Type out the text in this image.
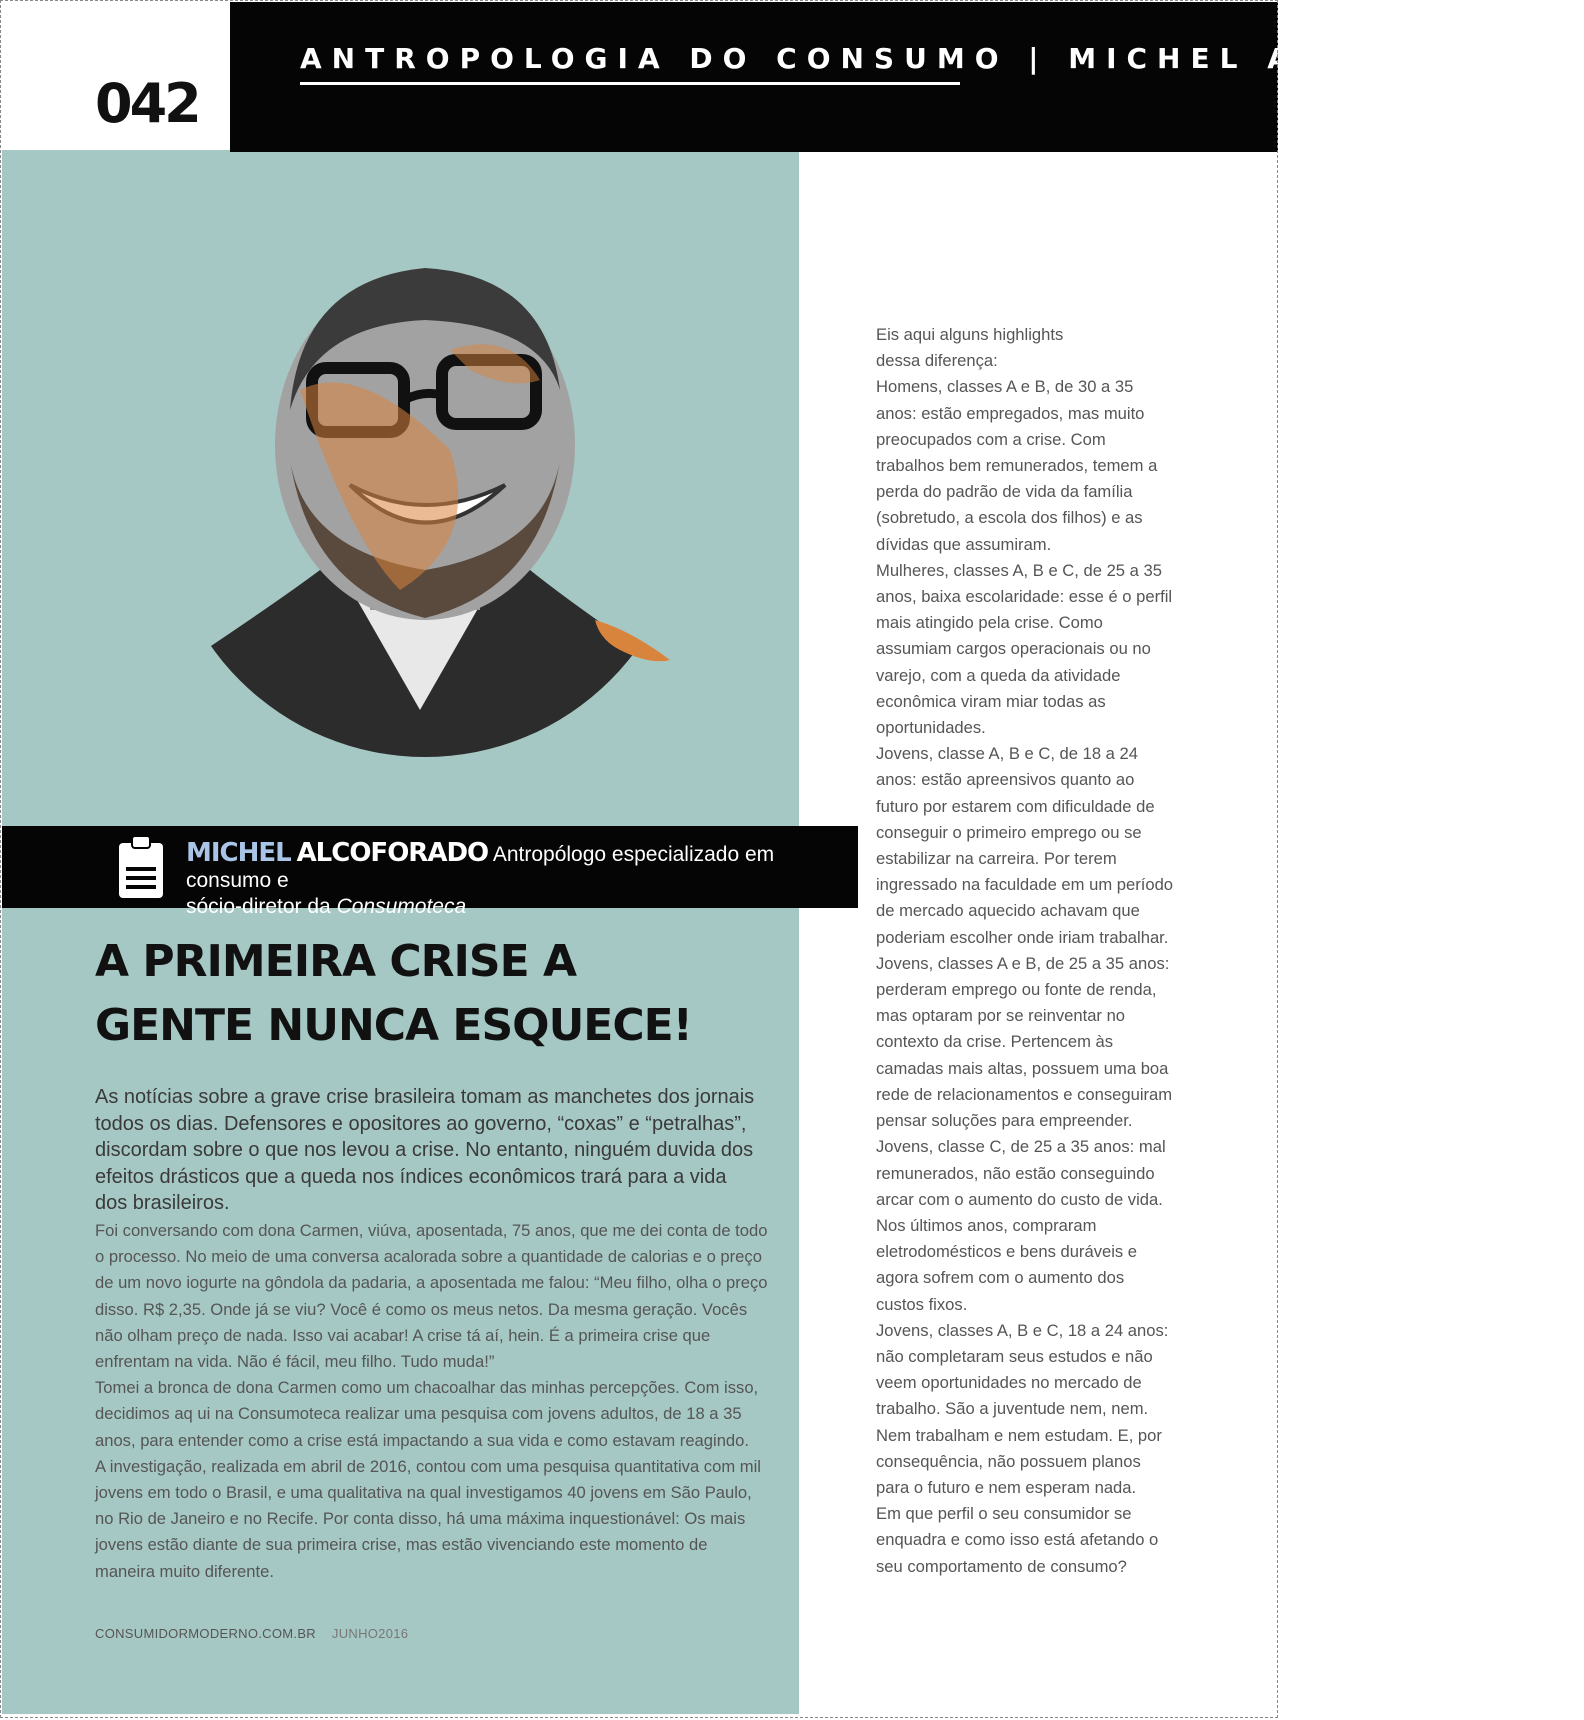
ANTROPOLOGIA DO CONSUMO | MICHEL ALCOFORADO
042
MICHEL ALCOFORADO Antropólogo especializado em consumo e
sócio-diretor da Consumoteca
A PRIMEIRA CRISE A GENTE NUNCA ESQUECE!

As notícias sobre a grave crise brasileira tomam as manchetes dos jornais todos os dias. Defensores e opositores ao governo, “coxas” e “petralhas”, discordam sobre o que nos levou a crise. No entanto, ninguém duvida dos efeitos drásticos que a queda nos índices econômicos trará para a vida dos brasileiros.

Foi conversando com dona Carmen, viúva, aposentada, 75 anos, que me dei conta de todo o processo. No meio de uma conversa acalorada sobre a quantidade de calorias e o preço de um novo iogurte na gôndola da padaria, a aposentada me falou: “Meu filho, olha o preço disso. R$ 2,35. Onde já se viu? Você é como os meus netos. Da mesma geração. Vocês não olham preço de nada. Isso vai acabar! A crise tá aí, hein. É a primeira crise que enfrentam na vida. Não é fácil, meu filho. Tudo muda!”

Tomei a bronca de dona Carmen como um chacoalhar das minhas percepções. Com isso, decidimos aq ui na Consumoteca realizar uma pesquisa com jovens adultos, de 18 a 35 anos, para entender como a crise está impactando a sua vida e como estavam reagindo.

A investigação, realizada em abril de 2016, contou com uma pesquisa quantitativa com mil jovens em todo o Brasil, e uma qualitativa na qual investigamos 40 jovens em São Paulo, no Rio de Janeiro e no Recife. Por conta disso, há uma máxima inquestionável: Os mais jovens estão diante de sua primeira crise, mas estão vivenciando este momento de maneira muito diferente.

CONSUMIDORMODERNO.COM.BR JUNHO2016

Eis aqui alguns highlights
dessa diferença:

Homens, classes A e B, de 30 a 35 anos: estão empregados, mas muito preocupados com a crise. Com trabalhos bem remunerados, temem a perda do padrão de vida da família (sobretudo, a escola dos filhos) e as dívidas que assumiram.

Mulheres, classes A, B e C, de 25 a 35 anos, baixa escolaridade: esse é o perfil mais atingido pela crise. Como assumiam cargos operacionais ou no varejo, com a queda da atividade econômica viram miar todas as oportunidades.

Jovens, classe A, B e C, de 18 a 24 anos: estão apreensivos quanto ao futuro por estarem com dificuldade de conseguir o primeiro emprego ou se estabilizar na carreira. Por terem ingressado na faculdade em um período de mercado aquecido achavam que poderiam escolher onde iriam trabalhar.

Jovens, classes A e B, de 25 a 35 anos: perderam emprego ou fonte de renda, mas optaram por se reinventar no contexto da crise. Pertencem às camadas mais altas, possuem uma boa rede de relacionamentos e conseguiram pensar soluções para empreender.

Jovens, classe C, de 25 a 35 anos: mal remunerados, não estão conseguindo arcar com o aumento do custo de vida. Nos últimos anos, compraram eletrodomésticos e bens duráveis e agora sofrem com o aumento dos custos fixos.

Jovens, classes A, B e C, 18 a 24 anos: não completaram seus estudos e não veem oportunidades no mercado de trabalho. São a juventude nem, nem. Nem trabalham e nem estudam. E, por consequência, não possuem planos para o futuro e nem esperam nada.

Em que perfil o seu consumidor se enquadra e como isso está afetando o seu comportamento de consumo?
